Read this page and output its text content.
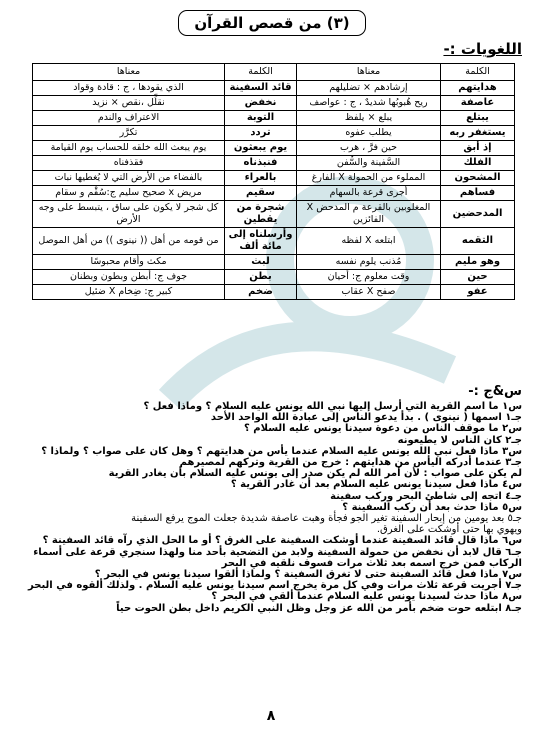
(٣) من قصص القرآن
اللغويات :-
الكلمة	معناها	الكلمة	معناها
هدايتهم	إرشادهم × تضليلهم	قائد السفينة	الذي يقودها ، ج : قادة وقواد
عاصفة	ريح هُبوبُها شديدٌ ، ج : عواصف	نخفض	نقلِّل ،نقص × نزيد
يبتلع	يبلع × يلفظ	التوبة	الاعتراف والندم
يستغفر ربه	يطلب عفوه	تردد	تكرَّر
إذ أبق	حين فرَّ ، هرب	يوم يبعثون	يوم يبعث الله خلقه للحساب يوم القيامة
الفلك	السَّفينة والسُّفن	فنبذناه	فقذفناه
المشحون	المملوء من الحمولة X الفارغ	بالعراء	بالفضاء من الأرض التي لا يُغطيها نبات
فساهم	أجرى قرعة بالسهام	سقيم	مريض x صحيح سليم ج:سُقْم و سقام
المدحضين	المغلوبين بالقرعة م المدحض X الفائزين	شجرة من يقطين	كل شجر لا يكون على ساق ، يتبسط على وجه الأرض
التقمه	ابتلعه X لفظه	وأرسلناه إلى مائة ألف	من قومه من أهل (( نينوى )) من أهل الموصل
وهو مليم	مُذنب يلوم نفسه	لبث	مكث وأقام محبوسًا
حين	وقت معلوم ج: أحيان	بطن	جوف ج: أبطن وبطون وبطنان
عفو	صفح X عقاب	ضخم	كبير ج: ضِخام X ضئيل
س&ج :-
س١ ما اسم القرية التي أرسل إليها نبي الله يونس عليه السلام ؟ وماذا فعل ؟
جـ١ اسمها ( نينوى ) . بدأ يدعو الناس إلى عبادة الله الواحد الأحد
س٢ ما موقف الناس من دعوة سيدنا يونس عليه السلام ؟
جـ٢ كان الناس لا يطيعونه
س٣ ماذا فعل نبي الله يونس عليه السلام عندما يأس من هدايتهم ؟ وهل كان على صواب ؟ ولماذا ؟
جـ٣ عندما أدركه اليأس من هدايتهم : خرج من القرية وتركهم لمصيرهم
لم يكن على صواب : لأن أمر الله لم يكن صدر إلى يونس عليه السلام بأن يغادر القرية
س٤ ماذا فعل سيدنا يونس عليه السلام بعد أن غادر القرية ؟
جـ٤ اتجه إلى شاطئ البحر وركب سفينة
س٥ ماذا حدث بعد أن ركب السفينة ؟
جـ٥ بعد يومين من إبحار السفينة تغير الجو فجأة وهبت عاصفة شديدة جعلت الموج يرفع السفينة
ويهوي بها حتى أوشكت على الغرق.
س٦ ماذا قال قائد السفينة عندما أوشكت السفينة على الغرق ؟ أو ما الحل الذي رآه قائد السفينة ؟
جـ٦ قال لابد أن نخفض من حمولة السفينة ولابد من التضحية بأحد منا ولهذا سنجري قرعة على أسماء
الركاب فمن خرج اسمه بعد ثلاث مرات فسوف نلقيه في البحر
س٧ ماذا فعل قائد السفينة حتى لا تغرق السفينة ؟ ولماذا ألقوا سيدنا يونس في البحر ؟
جـ٧ أجريت قرعة ثلاث مرات وفي كل مرة يخرج اسم سيدنا يونس عليه السلام . ولذلك ألقوه في البحر
س٨ ماذا حدث لسيدنا يونس عليه السلام عندما ألقي في البحر ؟
جـ٨ ابتلعه حوت ضخم بأمر من الله عز وجل وظل النبي الكريم داخل بطن الحوت حياً
٨
